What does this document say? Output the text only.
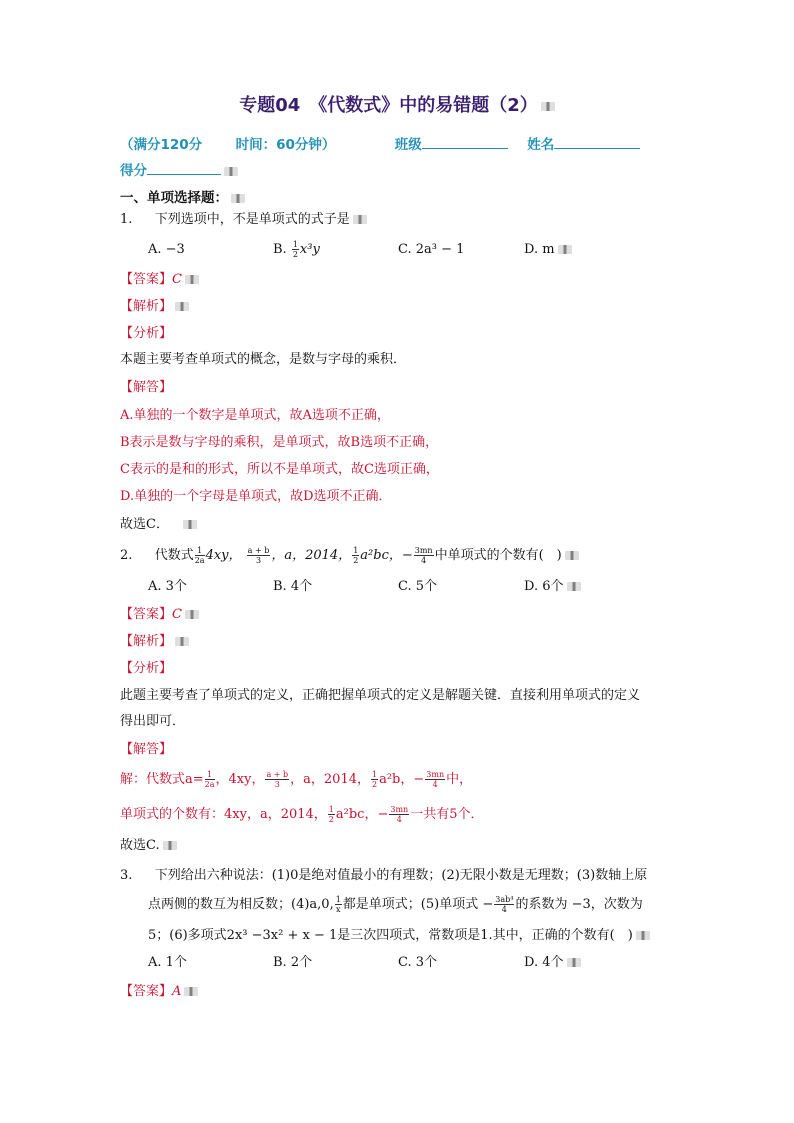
专题04　《代数式》中的易错题（2）
（满分120分 时间：60分钟）	班级	姓名
得分
一、单项选择题：
1. 下列选项中，不是单项式的式子是
A. −3	B. $\frac{1}{2} x^3y$	C. 2a³ − 1	D. m
【答案】C
【解析】
【分析】
本题主要考查单项式的概念，是数与字母的乘积．
【解答】
A.单独的一个数字是单项式，故A选项不正确，
B表示是数与字母的乘积，是单项式，故B选项不正确，
C表示的是和的形式，所以不是单项式，故C选项正确，
D.单独的一个字母是单项式，故D选项不正确．
故选C．
2. 代数式 $\frac{1}{2a} 4xy$， $\frac{a + b}{3}$ ，a，2014， $\frac{1}{2} a^2bc$，− $\frac{3mn}{4}$ 中单项式的个数有(　)
A. 3个	B. 4个	C. 5个	D. 6个
【答案】C
【解析】
【分析】
此题主要考查了单项式的定义，正确把握单项式的定义是解题关键．直接利用单项式的定义
得出即可．
【解答】
解：代数式$a= \frac{1}{2a}$ ，4xy， $\frac{a + b}{3}$ ，a，2014， $\frac{1}{2} a^2b$，− $\frac{3mn}{4}$ 中，
单项式的个数有：4xy，a，2014， $\frac{1}{2} a^2bc$，− $\frac{3mn}{4}$ 一共有5个．
故选C.
3. 下列给出六种说法：(1)0是绝对值最小的有理数；(2)无限小数是无理数；(3)数轴上原
点两侧的数互为相反数；(4)a,0, $\frac{1}{x}$ 都是单项式；(5)单项式 − $\frac{\text{3ab⁴}}{4}$ 的系数为 −3，次数为
5；(6)多项式2x³ −3x² + x − 1是三次四项式，常数项是1.其中，正确的个数有(　)
A. 1个	B. 2个	C. 3个	D. 4个
【答案】A
